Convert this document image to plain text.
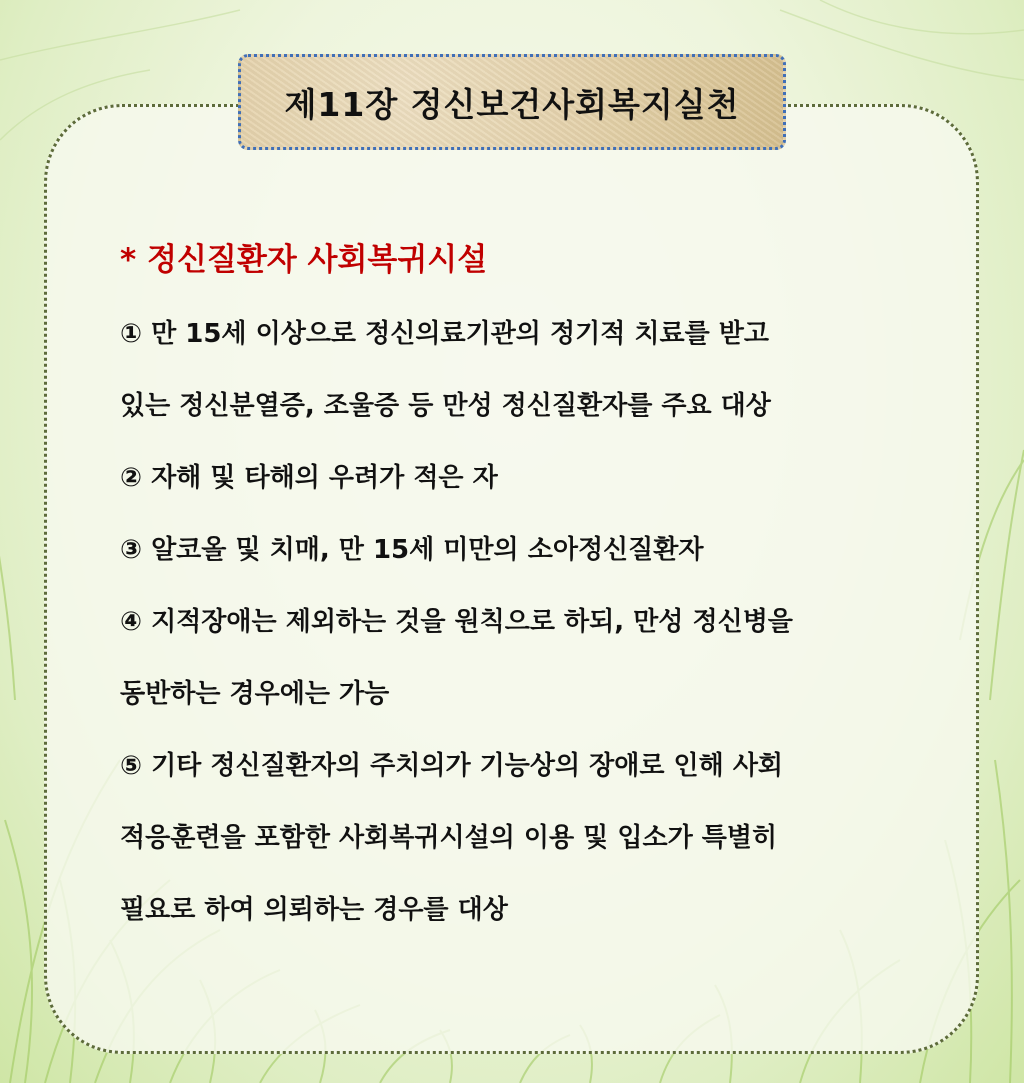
제11장 정신보건사회복지실천
* 정신질환자 사회복귀시설
① 만 15세 이상으로 정신의료기관의 정기적 치료를 받고
있는 정신분열증, 조울증 등 만성 정신질환자를 주요 대상
② 자해 및 타해의 우려가 적은 자
③ 알코올 및 치매, 만 15세 미만의 소아정신질환자
④ 지적장애는 제외하는 것을 원칙으로 하되, 만성 정신병을
동반하는 경우에는 가능
⑤ 기타 정신질환자의 주치의가 기능상의 장애로 인해 사회
적응훈련을 포함한 사회복귀시설의 이용 및 입소가 특별히
필요로 하여 의뢰하는 경우를 대상
